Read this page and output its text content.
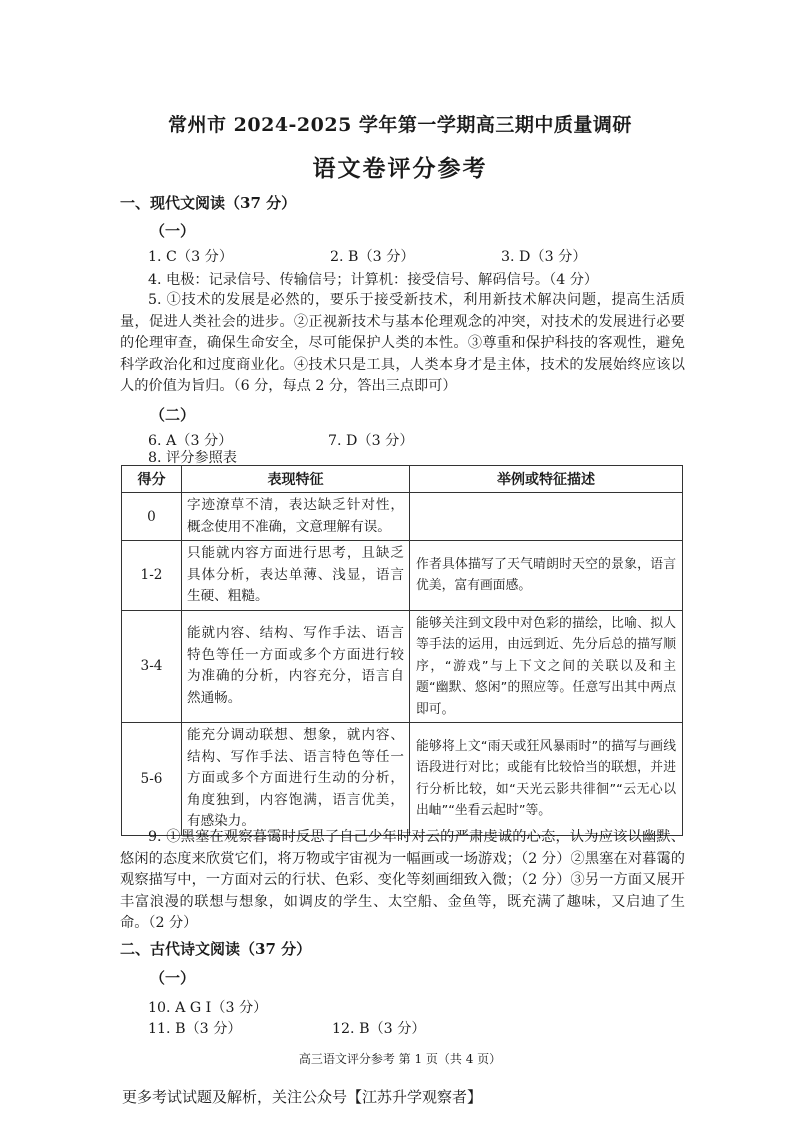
常州市 2024-2025 学年第一学期高三期中质量调研
语文卷评分参考
一、现代文阅读（37 分）
（一）
1. C（3 分）	2. B（3 分）	3. D（3 分）
4. 电极：记录信号、传输信号；计算机：接受信号、解码信号。（4 分）
5. ①技术的发展是必然的，要乐于接受新技术，利用新技术解决问题，提高生活质量，促进人类社会的进步。②正视新技术与基本伦理观念的冲突，对技术的发展进行必要的伦理审查，确保生命安全，尽可能保护人类的本性。③尊重和保护科技的客观性，避免科学政治化和过度商业化。④技术只是工具，人类本身才是主体，技术的发展始终应该以人的价值为旨归。（6 分，每点 2 分，答出三点即可）
（二）
6. A（3 分）	7. D（3 分）
8. 评分参照表
得分	表现特征	举例或特征描述
0	字迹潦草不清，表达缺乏针对性，概念使用不准确，文意理解有误。	
1-2	只能就内容方面进行思考，且缺乏具体分析，表达单薄、浅显，语言生硬、粗糙。	作者具体描写了天气晴朗时天空的景象，语言优美，富有画面感。
3-4	能就内容、结构、写作手法、语言特色等任一方面或多个方面进行较为准确的分析，内容充分，语言自然通畅。	能够关注到文段中对色彩的描绘，比喻、拟人等手法的运用，由远到近、先分后总的描写顺序，“游戏”与上下文之间的关联以及和主题“幽默、悠闲”的照应等。任意写出其中两点即可。
5-6	能充分调动联想、想象，就内容、结构、写作手法、语言特色等任一方面或多个方面进行生动的分析，角度独到，内容饱满，语言优美，有感染力。	能够将上文“雨天或狂风暴雨时”的描写与画线语段进行对比；或能有比较恰当的联想，并进行分析比较，如“天光云影共徘徊”“云无心以出岫”“坐看云起时”等。
9. ①黑塞在观察暮霭时反思了自己少年时对云的严肃虔诚的心态，认为应该以幽默、悠闲的态度来欣赏它们，将万物或宇宙视为一幅画或一场游戏；（2 分）②黑塞在对暮霭的观察描写中，一方面对云的行状、色彩、变化等刻画细致入微；（2 分）③另一方面又展开丰富浪漫的联想与想象，如调皮的学生、太空船、金鱼等，既充满了趣味，又启迪了生命。（2 分）
二、古代诗文阅读（37 分）
（一）
10. A G I（3 分）
11. B（3 分）	12. B（3 分）
高三语文评分参考 第 1 页（共 4 页）
更多考试试题及解析，关注公众号【江苏升学观察者】
